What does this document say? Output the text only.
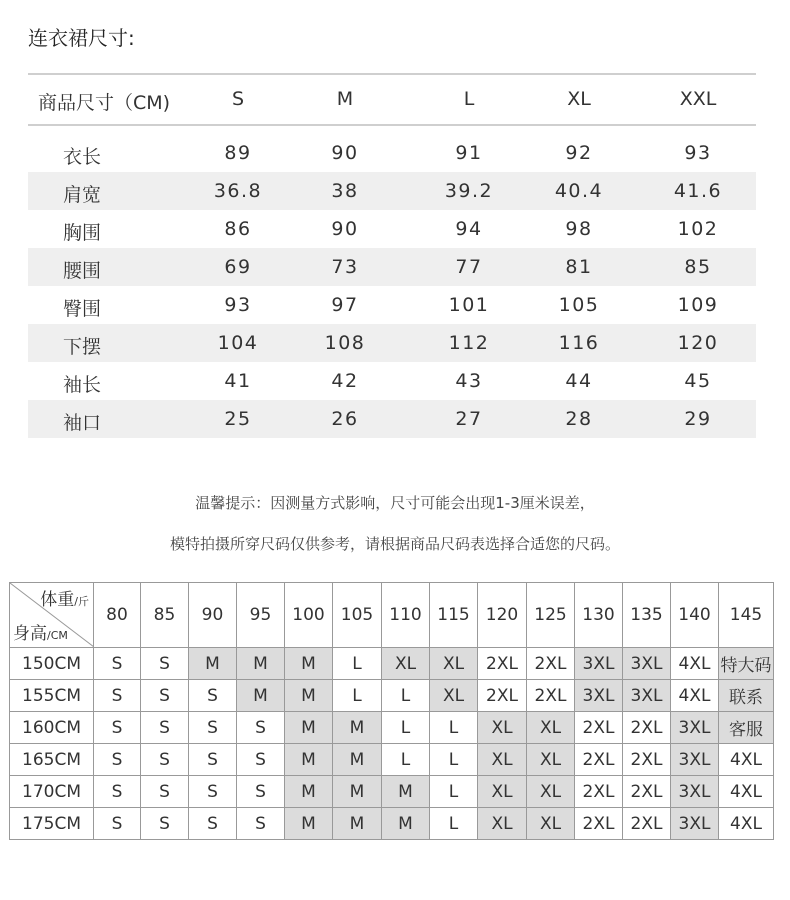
连衣裙尺寸:
商品尺寸（CM)	S	M	L	XL	XXL
衣长	89	90	91	92	93
肩宽	36.8	38	39.2	40.4	41.6
胸围	86	90	94	98	102
腰围	69	73	77	81	85
臀围	93	97	101	105	109
下摆	104	108	112	116	120
袖长	41	42	43	44	45
袖口	25	26	27	28	29
温馨提示：因测量方式影响，尺寸可能会出现1-3厘米误差，
模特拍摄所穿尺码仅供参考，请根据商品尺码表选择合适您的尺码。
体重/斤
身高/CM	80	85	90	95	100	105	110	115	120	125	130	135	140	145
150CM	S	S	M	M	M	L	XL	XL	2XL	2XL	3XL	3XL	4XL	特大码
155CM	S	S	S	M	M	L	L	XL	2XL	2XL	3XL	3XL	4XL	联系
160CM	S	S	S	S	M	M	L	L	XL	XL	2XL	2XL	3XL	客服
165CM	S	S	S	S	M	M	L	L	XL	XL	2XL	2XL	3XL	4XL
170CM	S	S	S	S	M	M	M	L	XL	XL	2XL	2XL	3XL	4XL
175CM	S	S	S	S	M	M	M	L	XL	XL	2XL	2XL	3XL	4XL
